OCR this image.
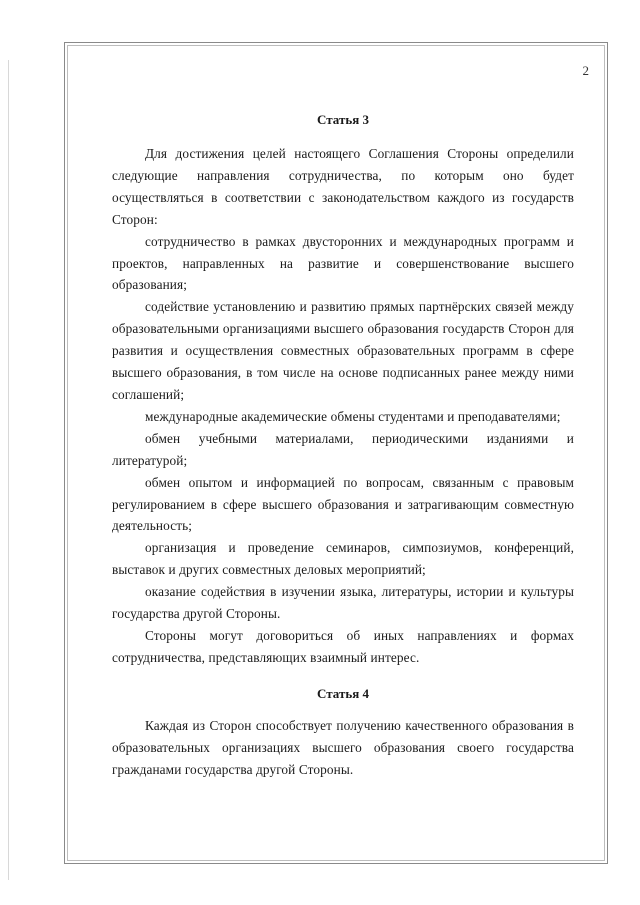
2
Статья 3

Для достижения целей настоящего Соглашения Стороны определили следующие направления сотрудничества, по которым оно будет осуществляться в соответствии с законодательством каждого из государств Сторон:

сотрудничество в рамках двусторонних и международных программ и проектов, направленных на развитие и совершенствование высшего образования;

содействие установлению и развитию прямых партнёрских связей между образовательными организациями высшего образования государств Сторон для развития и осуществления совместных образовательных программ в сфере высшего образования, в том числе на основе подписанных ранее между ними соглашений;

международные академические обмены студентами и преподавателями;

обмен учебными материалами, периодическими изданиями и литературой;

обмен опытом и информацией по вопросам, связанным с правовым регулированием в сфере высшего образования и затрагивающим совместную деятельность;

организация и проведение семинаров, симпозиумов, конференций, выставок и других совместных деловых мероприятий;

оказание содействия в изучении языка, литературы, истории и культуры государства другой Стороны.

Стороны могут договориться об иных направлениях и формах сотрудничества, представляющих взаимный интерес.

Статья 4

Каждая из Сторон способствует получению качественного образования в образовательных организациях высшего образования своего государства гражданами государства другой Стороны.
